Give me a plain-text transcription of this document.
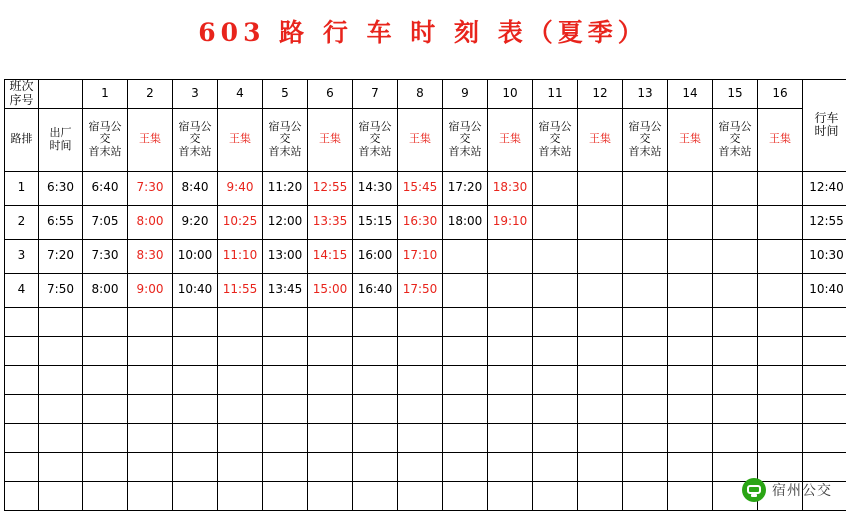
603 路 行 车 时 刻 表（夏季）
班次序号		1	2	3	4	5	6	7	8	9	10	11	12	13	14	15	16	行车
时间
路排	出厂
时间	宿马公
交
首末站	王集	宿马公
交
首末站	王集	宿马公
交
首末站	王集	宿马公
交
首末站	王集	宿马公
交
首末站	王集	宿马公
交
首末站	王集	宿马公
交
首末站	王集	宿马公
交
首末站	王集	
1	6:30	6:40	7:30	8:40	9:40	11:20	12:55	14:30	15:45	17:20	18:30							12:40
2	6:55	7:05	8:00	9:20	10:25	12:00	13:35	15:15	16:30	18:00	19:10							12:55
3	7:20	7:30	8:30	10:00	11:10	13:00	14:15	16:00	17:10									10:30
4	7:50	8:00	9:00	10:40	11:55	13:45	15:00	16:40	17:50									10:40

宿州公交
